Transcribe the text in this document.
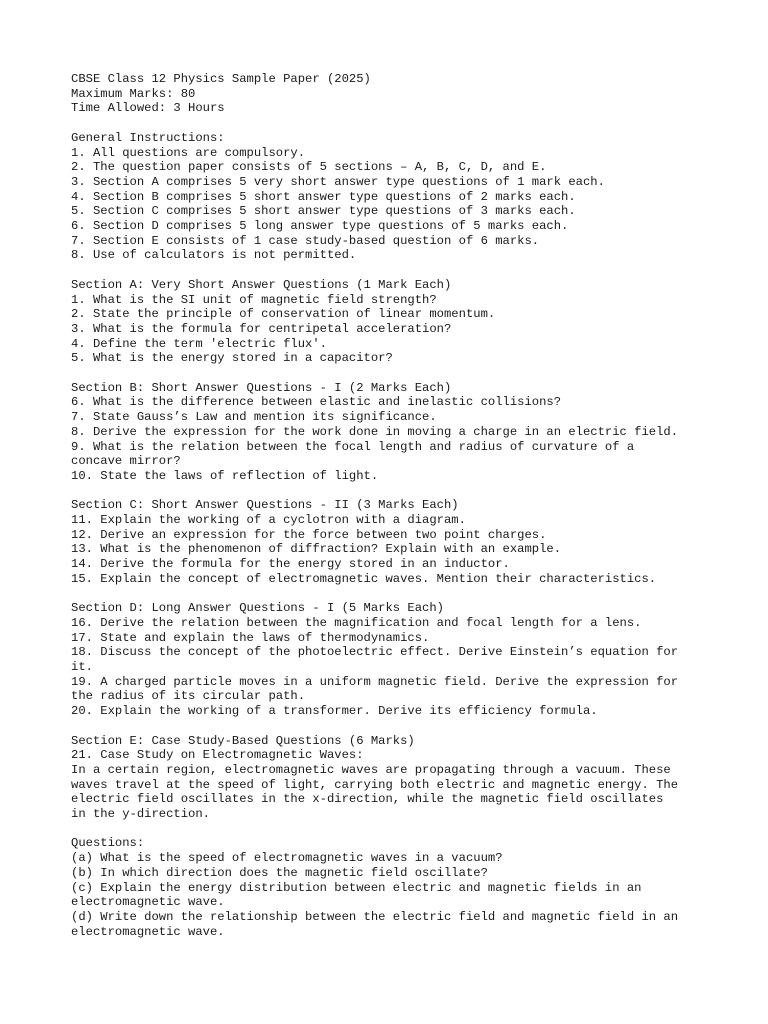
CBSE Class 12 Physics Sample Paper (2025)
Maximum Marks: 80
Time Allowed: 3 Hours
General Instructions:
1. All questions are compulsory.
2. The question paper consists of 5 sections – A, B, C, D, and E.
3. Section A comprises 5 very short answer type questions of 1 mark each.
4. Section B comprises 5 short answer type questions of 2 marks each.
5. Section C comprises 5 short answer type questions of 3 marks each.
6. Section D comprises 5 long answer type questions of 5 marks each.
7. Section E consists of 1 case study-based question of 6 marks.
8. Use of calculators is not permitted.
Section A: Very Short Answer Questions (1 Mark Each)
1. What is the SI unit of magnetic field strength?
2. State the principle of conservation of linear momentum.
3. What is the formula for centripetal acceleration?
4. Define the term 'electric flux'.
5. What is the energy stored in a capacitor?
Section B: Short Answer Questions - I (2 Marks Each)
6. What is the difference between elastic and inelastic collisions?
7. State Gauss’s Law and mention its significance.
8. Derive the expression for the work done in moving a charge in an electric field.
9. What is the relation between the focal length and radius of curvature of a
concave mirror?
10. State the laws of reflection of light.
Section C: Short Answer Questions - II (3 Marks Each)
11. Explain the working of a cyclotron with a diagram.
12. Derive an expression for the force between two point charges.
13. What is the phenomenon of diffraction? Explain with an example.
14. Derive the formula for the energy stored in an inductor.
15. Explain the concept of electromagnetic waves. Mention their characteristics.
Section D: Long Answer Questions - I (5 Marks Each)
16. Derive the relation between the magnification and focal length for a lens.
17. State and explain the laws of thermodynamics.
18. Discuss the concept of the photoelectric effect. Derive Einstein’s equation for
it.
19. A charged particle moves in a uniform magnetic field. Derive the expression for
the radius of its circular path.
20. Explain the working of a transformer. Derive its efficiency formula.
Section E: Case Study-Based Questions (6 Marks)
21. Case Study on Electromagnetic Waves:
In a certain region, electromagnetic waves are propagating through a vacuum. These
waves travel at the speed of light, carrying both electric and magnetic energy. The
electric field oscillates in the x-direction, while the magnetic field oscillates
in the y-direction.
Questions:
(a) What is the speed of electromagnetic waves in a vacuum?
(b) In which direction does the magnetic field oscillate?
(c) Explain the energy distribution between electric and magnetic fields in an
electromagnetic wave.
(d) Write down the relationship between the electric field and magnetic field in an
electromagnetic wave.
